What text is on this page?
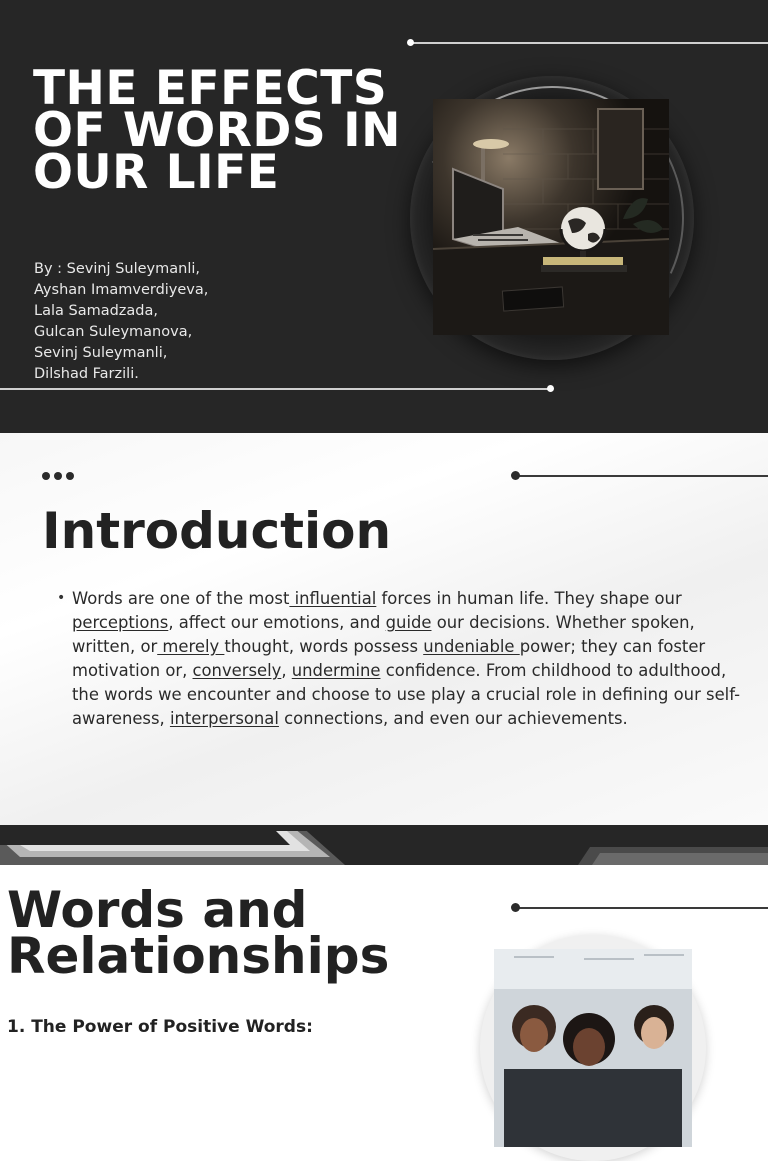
THE EFFECTS
OF WORDS IN
OUR LIFE
By : Sevinj Suleymanli,
Ayshan Imamverdiyeva,
Lala Samadzada,
Gulcan Suleymanova,
Sevinj Suleymanli,
Dilshad Farzili.
Introduction
• Words are one of the most influential forces in human life. They shape our perceptions, affect our emotions, and guide our decisions. Whether spoken, written, or merely thought, words possess undeniable power; they can foster motivation or, conversely, undermine confidence. From childhood to adulthood, the words we encounter and choose to use play a crucial role in defining our self-awareness, interpersonal connections, and even our achievements.

Words and
Relationships
1. The Power of Positive Words:
